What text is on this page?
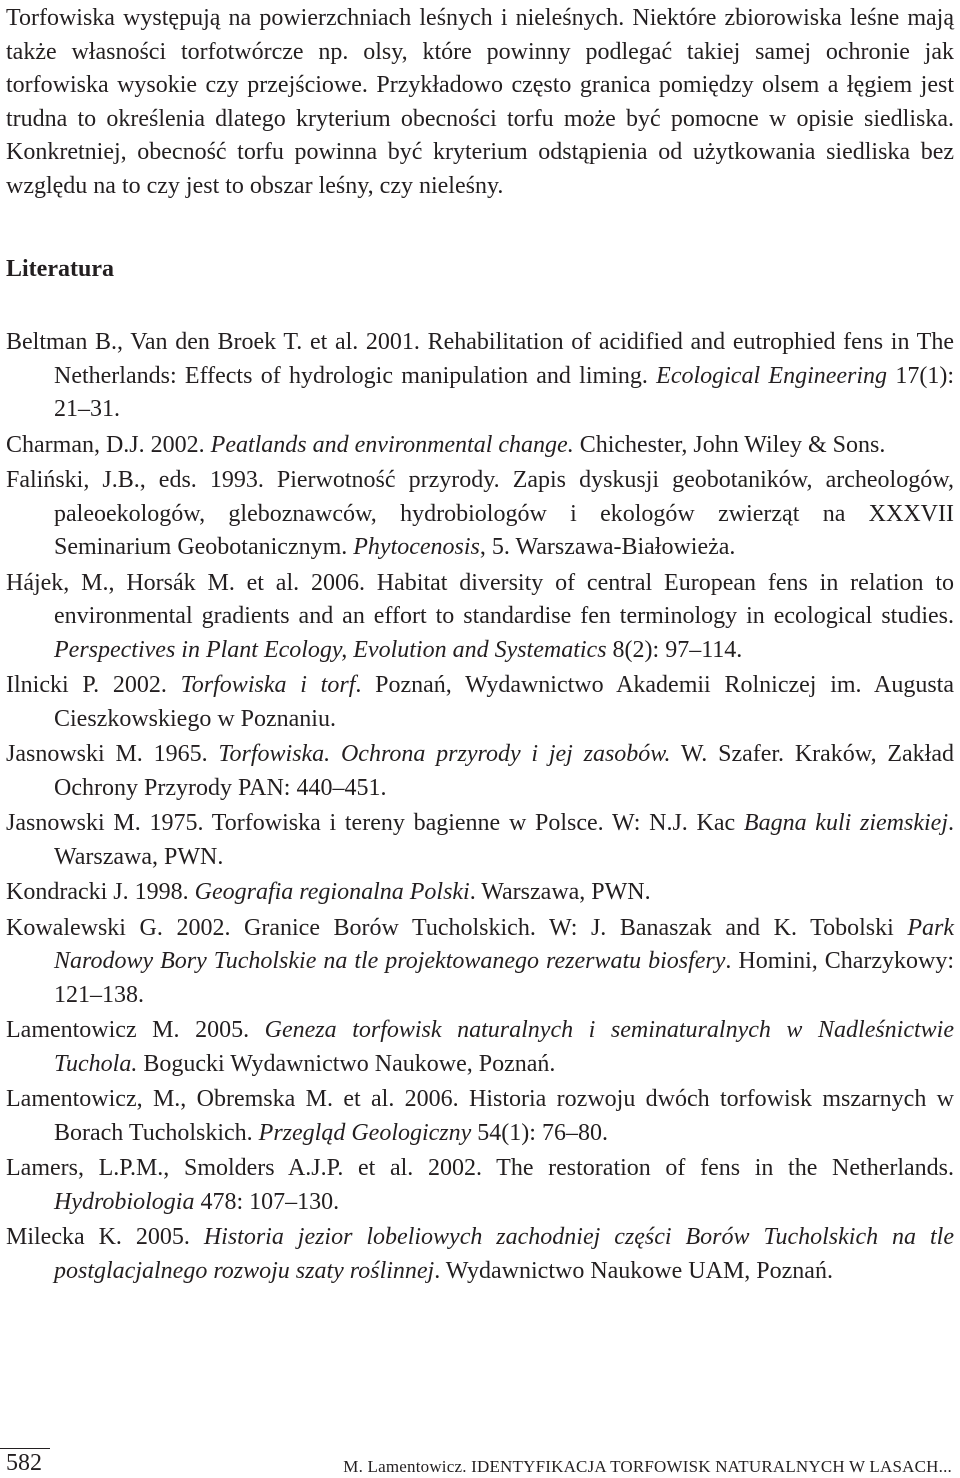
Torfowiska występują na powierzchniach leśnych i nieleśnych. Niektóre zbiorowiska leśne mają także własności torfotwórcze np. olsy, które powinny podlegać takiej samej ochronie jak torfowiska wysokie czy przejściowe. Przykładowo często granica pomiędzy olsem a łęgiem jest trudna to określenia dlatego kryterium obecności torfu może być pomocne w opisie siedliska. Konkretniej, obecność torfu powinna być kryterium odstąpienia od użytkowania siedliska bez względu na to czy jest to obszar leśny, czy nieleśny.

Literatura
Beltman B., Van den Broek T. et al. 2001. Rehabilitation of acidified and eutrophied fens in The Netherlands: Effects of hydrologic manipulation and liming. Ecological Engineering 17(1): 21–31.
Charman, D.J. 2002. Peatlands and environmental change. Chichester, John Wiley & Sons.
Faliński, J.B., eds. 1993. Pierwotność przyrody. Zapis dyskusji geobotaników, archeologów, paleoekologów, gleboznawców, hydrobiologów i ekologów zwierząt na XXXVII Seminarium Geobotanicznym. Phytocenosis, 5. Warszawa-Białowieża.
Hájek, M., Horsák M. et al. 2006. Habitat diversity of central European fens in relation to environmental gradients and an effort to standardise fen terminology in ecological studies. Perspectives in Plant Ecology, Evolution and Systematics 8(2): 97–114.
Ilnicki P. 2002. Torfowiska i torf. Poznań, Wydawnictwo Akademii Rolniczej im. Augusta Cieszkowskiego w Poznaniu.
Jasnowski M. 1965. Torfowiska. Ochrona przyrody i jej zasobów. W. Szafer. Kraków, Zakład Ochrony Przyrody PAN: 440–451.
Jasnowski M. 1975. Torfowiska i tereny bagienne w Polsce. W: N.J. Kac Bagna kuli ziemskiej. Warszawa, PWN.
Kondracki J. 1998. Geografia regionalna Polski. Warszawa, PWN.
Kowalewski G. 2002. Granice Borów Tucholskich. W: J. Banaszak and K. Tobolski Park Narodowy Bory Tucholskie na tle projektowanego rezerwatu biosfery. Homini, Charzykowy: 121–138.
Lamentowicz M. 2005. Geneza torfowisk naturalnych i seminaturalnych w Nadleśnictwie Tuchola. Bogucki Wydawnictwo Naukowe, Poznań.
Lamentowicz, M., Obremska M. et al. 2006. Historia rozwoju dwóch torfowisk mszarnych w Borach Tucholskich. Przegląd Geologiczny 54(1): 76–80.
Lamers, L.P.M., Smolders A.J.P. et al. 2002. The restoration of fens in the Netherlands. Hydrobiologia 478: 107–130.
Milecka K. 2005. Historia jezior lobeliowych zachodniej części Borów Tucholskich na tle postglacjalnego rozwoju szaty roślinnej. Wydawnictwo Naukowe UAM, Poznań.
582	M. Lamentowicz. IDENTYFIKACJA TORFOWISK NATURALNYCH W LASACH...
